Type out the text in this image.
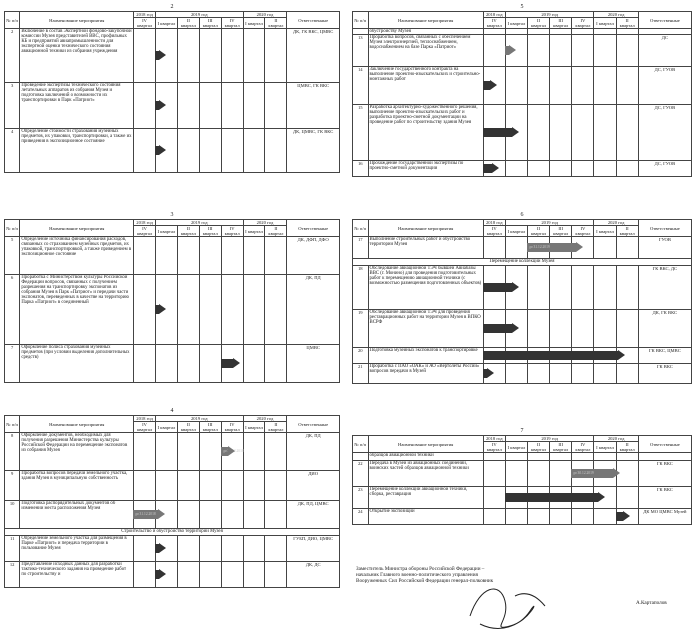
2
№ п/п	Наименование мероприятия	2018 год	2019 год				2020 год		Ответственные
		IV квартал	I квартал	II квартал	III квартал	IV квартал	I квартал	II квартал	
2	Включение в состав Экспертной фондово-закупочной комиссии Музея представителей ВВС, профильных КБ и предприятий авиапромышленности для экспертной оценки технического состояния авиационной техники из собрания учреждения								ДК, ГК ВКС, ЦМВС
3	Проведение экспертизы технического состояния летательных аппаратов из собрания Музея и подготовка заключений о возможности их транспортировки в Парк «Патриот»								ЦМВС, ГК ВКС
4	Определение стоимости страхования музейных предметов, их упаковки, транспортировки, а также их приведения в экспозиционное состояние								ДК, ЦМВС, ГК ВКС
3
№ п/п	Наименование мероприятия	2018 год	2019 год				2020 год		Ответственные
		IV квартал	I квартал	II квартал	III квартал	IV квартал	I квартал	II квартал	
5	Определение источника финансирования расходов, связанных со страхованием музейных предметов, их упаковкой, транспортировкой, а также приведением в экспозиционное состояние								ДК, ДФП, ДФО
6	Проработка с Министерством культуры Российской Федерации вопросов, связанных с получением разрешения на транспортировку экспонатов из собрания Музея в Парк «Патриот» и передачи части экспонатов, переведенных в качестве на территорию Парка «Патриот» в соединенный								ДК, ПД
7	Оформление полиса страхования музейных предметов (при условии выделения дополнительных средств)								ЦМВС
4
№ п/п	Наименование мероприятия	2018 год	2019 год				2020 год		Ответственные
		IV квартал	I квартал	II квартал	III квартал	IV квартал	I квартал	II квартал	
8	Оформление документов, необходимых для получения разрешения Министерства культуры Российской Федерации на перемещение экспонатов из собрания Музея								ДК, ПД
9	Проработка вопросов передачи земельного участка, здания Музея в муниципальную собственность								ДИО
10	Подготовка распорядительных документов об изменении места расположения Музея								ДК, ПД, ЦМВС
Строительство и обустройство территории Музея									
11	Определение земельного участка для размещения в Парке «Патриот» и передача территории в пользование Музея								ГУБП, ДИО, ЦМВС
12	Представление исходных данных для разработки тактико-технического задания на проведение работ по строительству и								ДК, ДС
до 31.12.2018
до 31.12.2018
5
№ п/п	Наименование мероприятия	2018 год	2019 год				2020 год		Ответственные
		IV квартал	I квартал	II квартал	III квартал	IV квартал	I квартал	II квартал	
	обустройству Музея								
13	Проработка вопросов, связанных с обеспечением Музея электроэнергией, теплоснабжением, водоснабжением на базе Парка «Патриот»								ДС
14	Заключение государственного контракта на выполнение проектно-изыскательских и строительно-монтажных работ								ДС, ГУОВ
15	Разработка архитектурно-художественного решения, выполнение проектно-изыскательских работ и разработка проектно-сметной документации на проведение работ по строительству здания Музея								ДС, ГУОВ
16	Прохождение государственной экспертизы по проектно-сметной документации								ДС, ГУОВ
6
№ п/п	Наименование мероприятия	2018 год	2019 год				2020 год		Ответственные
		IV квартал	I квартал	II квартал	III квартал	IV квартал	I квартал	II квартал	
17	Выполнение строительных работ и обустройство территории Музея								ГУОВ
Перемещение коллекции Музея									
18	Обследование авиационной ТЭЧ бывшей Авиабазы ВВС (г. Монино) для проведения подготовительных работ к перемещению авиационной техники (с возможностью размещения подготовленных объектов)								ГК ВКС, ДС
19	Обследование авиационной ТЭЧ для проведения реставрационных работ на территории Музея в ВПКО ВСРФ								ДК, ГК ВКС
20	Подготовка музейных экспонатов к транспортировке								ГК ВКС, ЦМВС
21	Проработка с ПАО «ОАК» и АО «Вертолеты России» вопросов передачи в Музей								ГК ВКС
до 31.12.2019
7
№ п/п	Наименование мероприятия	2018 год	2019 год				2020 год		Ответственные
		IV квартал	I квартал	II квартал	III квартал	IV квартал	I квартал	II квартал	
	образцов авиационной техники								
22	Передача в Музей из авиационных соединений, воинских частей образцов авиационной техники								ГК ВКС
23	Перемещение коллекции авиационной техники, сборка, реставрация								ГК ВКС
24	Открытие экспозиции								ДК МО ЦМВС Музей
до 30.12.2019
Заместитель Министра обороны Российской Федерации – начальник Главного военно-политического управления Вооруженных Сил Российской Федерации генерал-полковник
А.Картаполов
